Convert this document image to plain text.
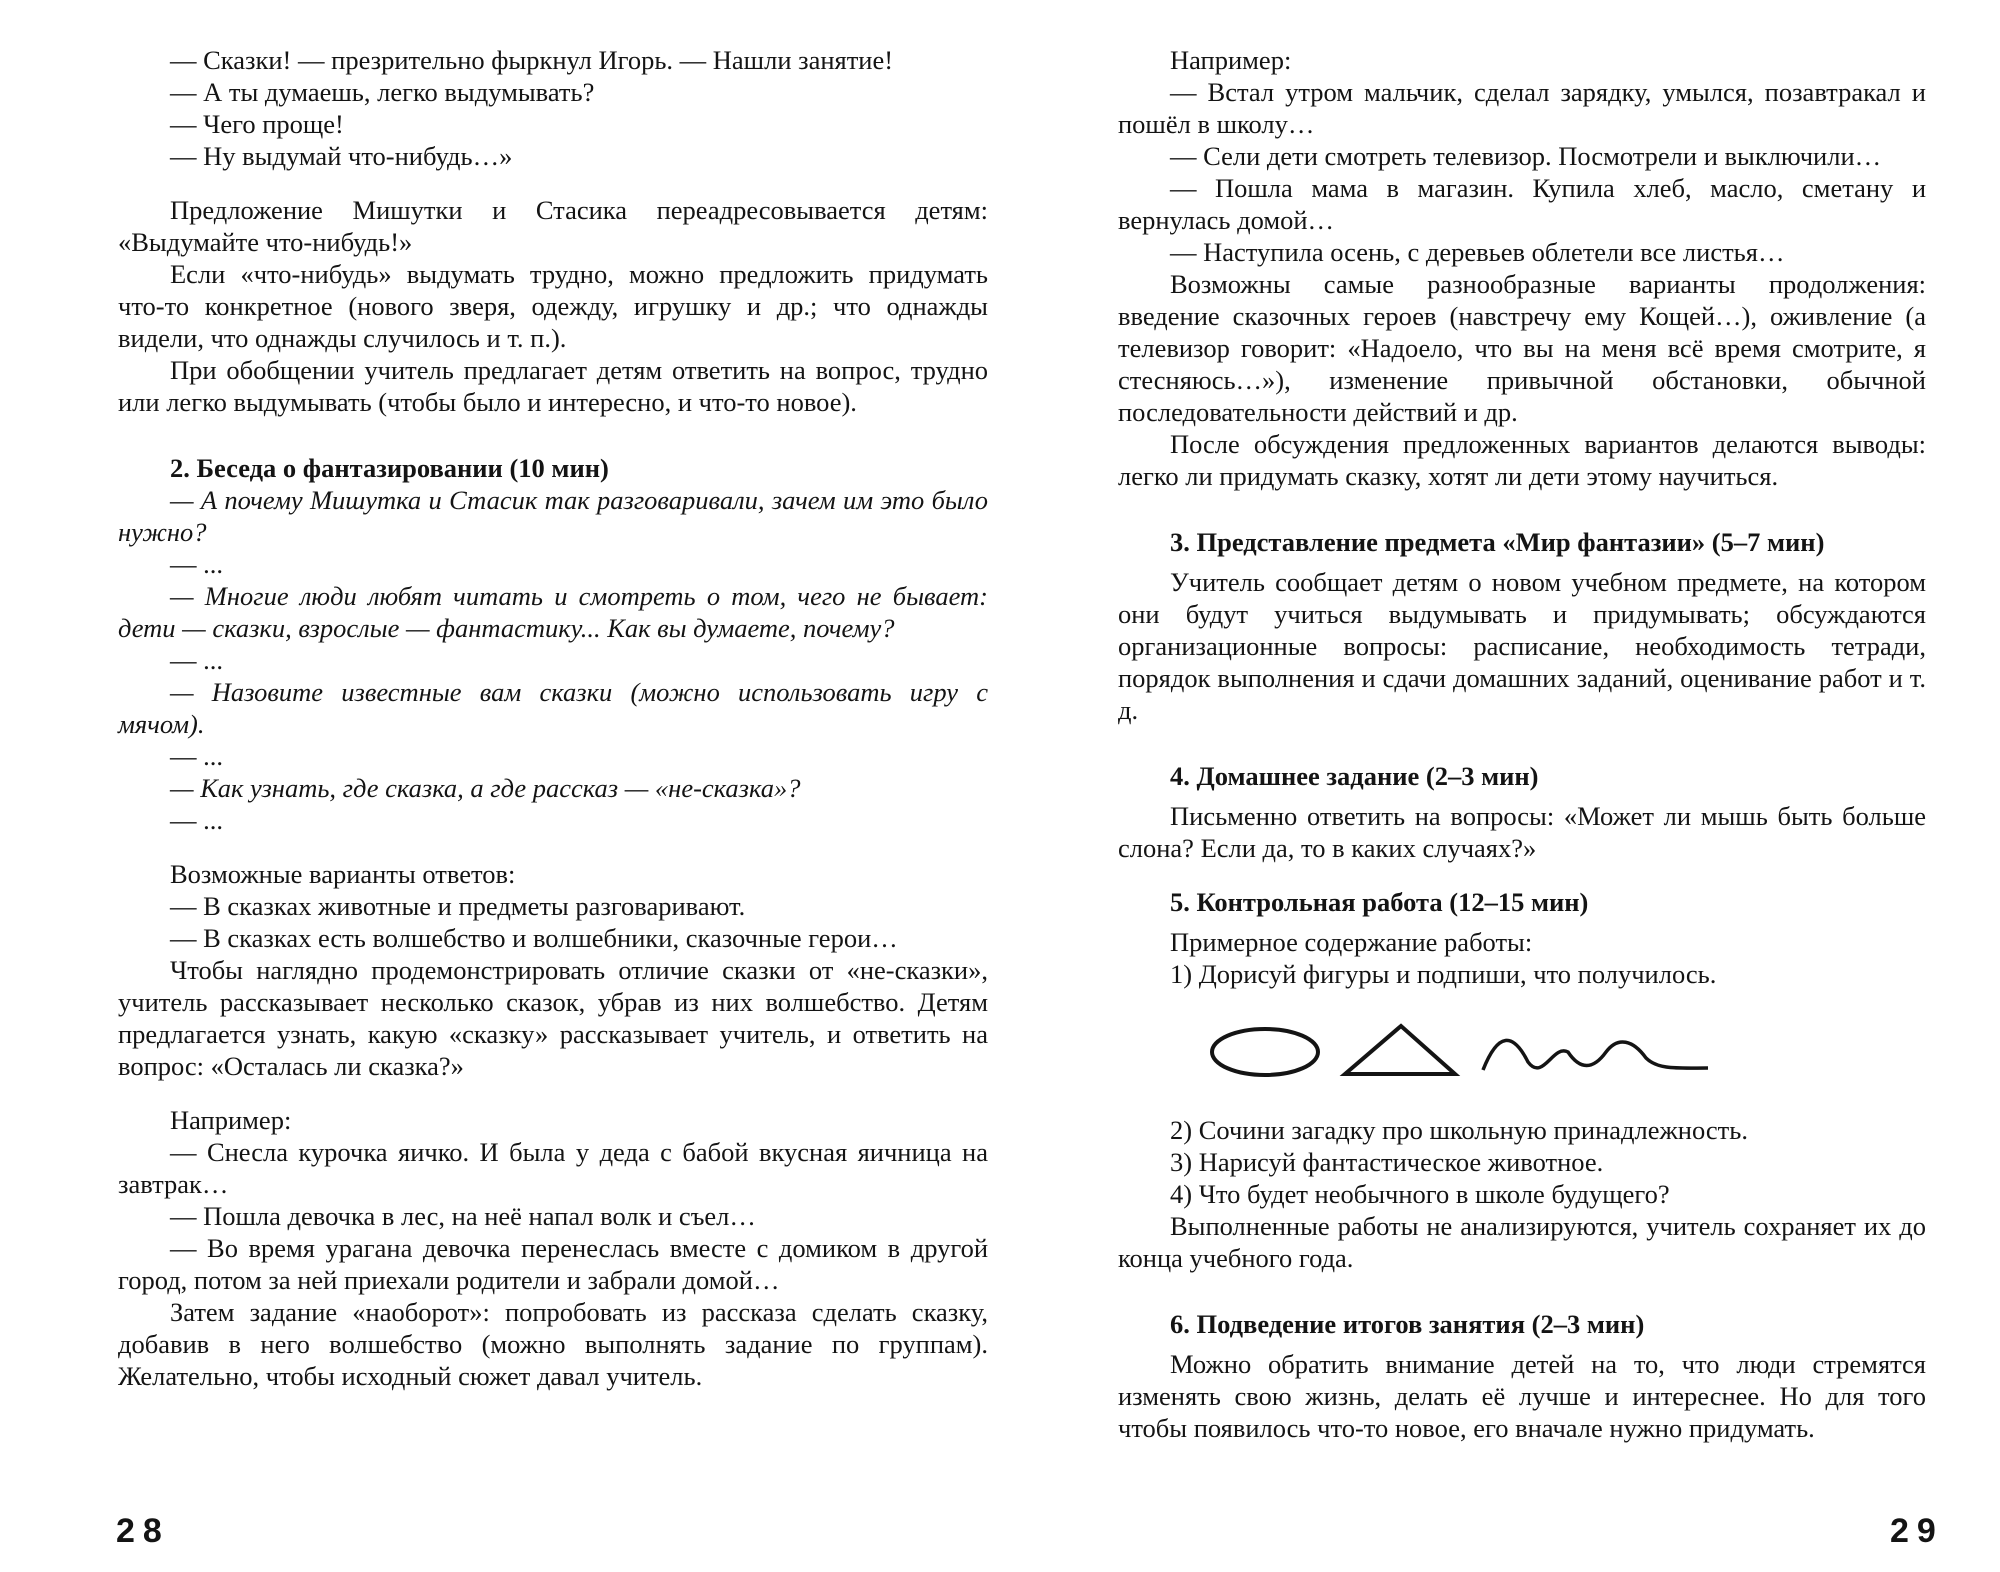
— Сказки! — презрительно фыркнул Игорь. — Нашли занятие!

— А ты думаешь, легко выдумывать?

— Чего проще!

— Ну выдумай что-нибудь…»

Предложение Мишутки и Стасика переадресовывается детям: «Выдумайте что-нибудь!»

Если «что-нибудь» выдумать трудно, можно предложить придумать что-то конкретное (нового зверя, одежду, игрушку и др.; что однажды видели, что однажды случилось и т. п.).

При обобщении учитель предлагает детям ответить на вопрос, трудно или легко выдумывать (чтобы было и интересно, и что-то новое).

2. Беседа о фантазировании (10 мин)

— А почему Мишутка и Стасик так разговаривали, зачем им это было нужно?

— ...

— Многие люди любят читать и смотреть о том, чего не бывает: дети — сказки, взрослые — фантастику... Как вы думаете, почему?

— ...

— Назовите известные вам сказки (можно использовать игру с мячом).

— ...

— Как узнать, где сказка, а где рассказ — «не-сказка»?

— ...

Возможные варианты ответов:

— В сказках животные и предметы разговаривают.

— В сказках есть волшебство и волшебники, сказочные герои…

Чтобы наглядно продемонстрировать отличие сказки от «не-сказки», учитель рассказывает несколько сказок, убрав из них волшебство. Детям предлагается узнать, какую «сказку» рассказывает учитель, и ответить на вопрос: «Осталась ли сказка?»

Например:

— Снесла курочка яичко. И была у деда с бабой вкусная яичница на завтрак…

— Пошла девочка в лес, на неё напал волк и съел…

— Во время урагана девочка перенеслась вместе с домиком в другой город, потом за ней приехали родители и забрали домой…

Затем задание «наоборот»: попробовать из рассказа сделать сказку, добавив в него волшебство (можно выполнять задание по группам). Желательно, чтобы исходный сюжет давал учитель.

28

Например:

— Встал утром мальчик, сделал зарядку, умылся, позавтракал и пошёл в школу…

— Сели дети смотреть телевизор. Посмотрели и выключили…

— Пошла мама в магазин. Купила хлеб, масло, сметану и вернулась домой…

— Наступила осень, с деревьев облетели все листья…

Возможны самые разнообразные варианты продолжения: введение сказочных героев (навстречу ему Кощей…), оживление (а телевизор говорит: «Надоело, что вы на меня всё время смотрите, я стесняюсь…»), изменение привычной обстановки, обычной последовательности действий и др.

После обсуждения предложенных вариантов делаются выводы: легко ли придумать сказку, хотят ли дети этому научиться.

3. Представление предмета «Мир фантазии» (5–7 мин)

Учитель сообщает детям о новом учебном предмете, на котором они будут учиться выдумывать и придумывать; обсуждаются организационные вопросы: расписание, необходимость тетради, порядок выполнения и сдачи домашних заданий, оценивание работ и т. д.

4. Домашнее задание (2–3 мин)

Письменно ответить на вопросы: «Может ли мышь быть больше слона? Если да, то в каких случаях?»

5. Контрольная работа (12–15 мин)

Примерное содержание работы:

1) Дорисуй фигуры и подпиши, что получилось.

2) Сочини загадку про школьную принадлежность.

3) Нарисуй фантастическое животное.

4) Что будет необычного в школе будущего?

Выполненные работы не анализируются, учитель сохраняет их до конца учебного года.

6. Подведение итогов занятия (2–3 мин)

Можно обратить внимание детей на то, что люди стремятся изменять свою жизнь, делать её лучше и интереснее. Но для того чтобы появилось что-то новое, его вначале нужно придумать.

29
